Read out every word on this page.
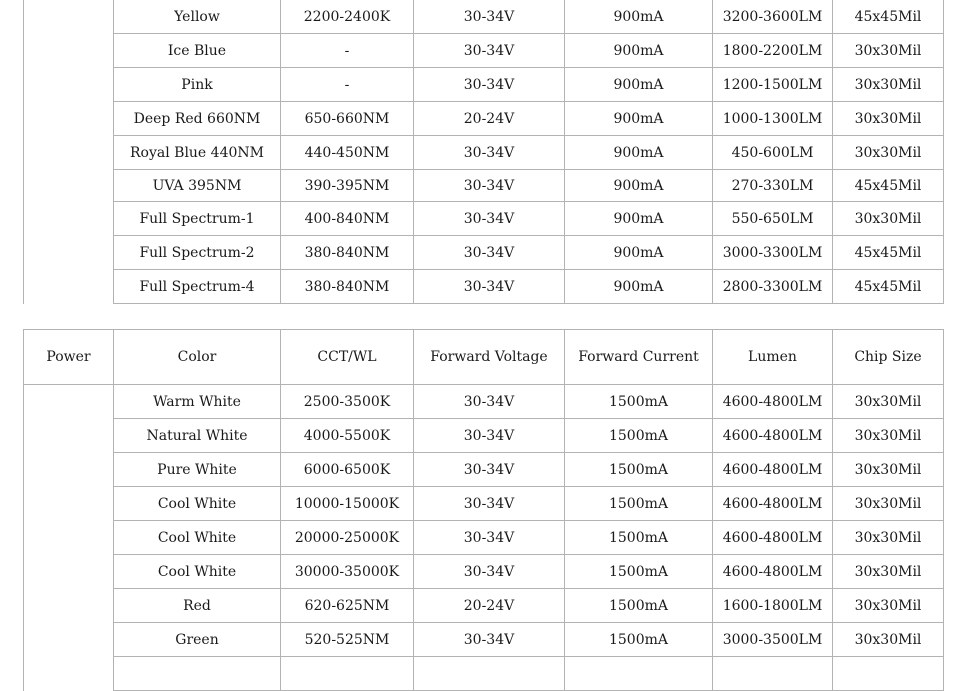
	Yellow	2200-2400K	30-34V	900mA	3200-3600LM	45x45Mil
	Ice Blue	-	30-34V	900mA	1800-2200LM	30x30Mil
	Pink	-	30-34V	900mA	1200-1500LM	30x30Mil
	Deep Red 660NM	650-660NM	20-24V	900mA	1000-1300LM	30x30Mil
	Royal Blue 440NM	440-450NM	30-34V	900mA	450-600LM	30x30Mil
	UVA 395NM	390-395NM	30-34V	900mA	270-330LM	45x45Mil
	Full Spectrum-1	400-840NM	30-34V	900mA	550-650LM	30x30Mil
	Full Spectrum-2	380-840NM	30-34V	900mA	3000-3300LM	45x45Mil
	Full Spectrum-4	380-840NM	30-34V	900mA	2800-3300LM	45x45Mil
Power	Color	CCT/WL	Forward Voltage	Forward Current	Lumen	Chip Size
	Warm White	2500-3500K	30-34V	1500mA	4600-4800LM	30x30Mil
	Natural White	4000-5500K	30-34V	1500mA	4600-4800LM	30x30Mil
	Pure White	6000-6500K	30-34V	1500mA	4600-4800LM	30x30Mil
	Cool White	10000-15000K	30-34V	1500mA	4600-4800LM	30x30Mil
	Cool White	20000-25000K	30-34V	1500mA	4600-4800LM	30x30Mil
	Cool White	30000-35000K	30-34V	1500mA	4600-4800LM	30x30Mil
	Red	620-625NM	20-24V	1500mA	1600-1800LM	30x30Mil
	Green	520-525NM	30-34V	1500mA	3000-3500LM	30x30Mil
